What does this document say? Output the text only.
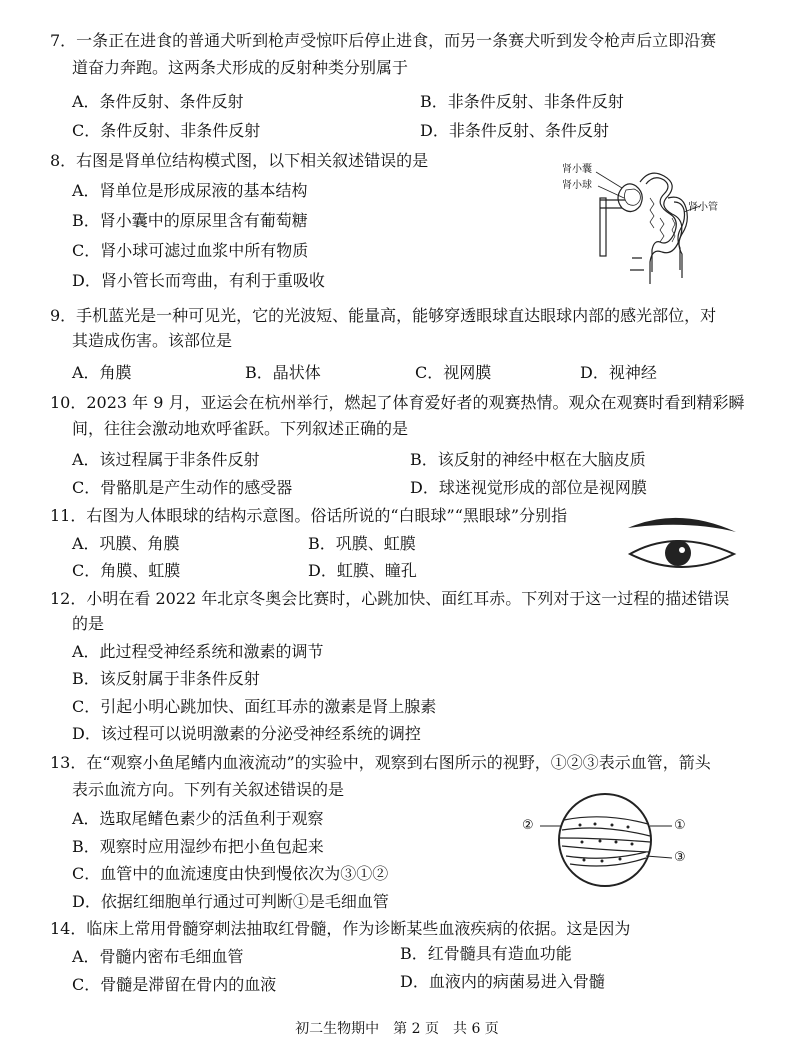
7．一条正在进食的普通犬听到枪声受惊吓后停止进食，而另一条赛犬听到发令枪声后立即沿赛
道奋力奔跑。这两条犬形成的反射种类分别属于
A．条件反射、条件反射	B．非条件反射、非条件反射
C．条件反射、非条件反射	D．非条件反射、条件反射
8．右图是肾单位结构模式图，以下相关叙述错误的是
A．肾单位是形成尿液的基本结构
B．肾小囊中的原尿里含有葡萄糖
C．肾小球可滤过血浆中所有物质
D．肾小管长而弯曲，有利于重吸收
肾小囊
肾小球
肾小管
9．手机蓝光是一种可见光，它的光波短、能量高，能够穿透眼球直达眼球内部的感光部位，对
其造成伤害。该部位是
A．角膜	B．晶状体	C．视网膜	D．视神经
10．2023 年 9 月，亚运会在杭州举行，燃起了体育爱好者的观赛热情。观众在观赛时看到精彩瞬
间，往往会激动地欢呼雀跃。下列叙述正确的是
A．该过程属于非条件反射	B．该反射的神经中枢在大脑皮质
C．骨骼肌是产生动作的感受器	D．球迷视觉形成的部位是视网膜
11．右图为人体眼球的结构示意图。俗话所说的“白眼球”“黑眼球”分别指
A．巩膜、角膜	B．巩膜、虹膜
C．角膜、虹膜	D．虹膜、瞳孔
12．小明在看 2022 年北京冬奥会比赛时，心跳加快、面红耳赤。下列对于这一过程的描述错误
的是
A．此过程受神经系统和激素的调节
B．该反射属于非条件反射
C．引起小明心跳加快、面红耳赤的激素是肾上腺素
D．该过程可以说明激素的分泌受神经系统的调控
13．在“观察小鱼尾鳍内血液流动”的实验中，观察到右图所示的视野，①②③表示血管，箭头
表示血流方向。下列有关叙述错误的是
A．选取尾鳍色素少的活鱼利于观察
B．观察时应用湿纱布把小鱼包起来
C．血管中的血流速度由快到慢依次为③①②
D．依据红细胞单行通过可判断①是毛细血管
②	①
③
14．临床上常用骨髓穿刺法抽取红骨髓，作为诊断某些血液疾病的依据。这是因为
A．骨髓内密布毛细血管	B．红骨髓具有造血功能
C．骨髓是滞留在骨内的血液	D．血液内的病菌易进入骨髓
初二生物期中　第 2 页　共 6 页
